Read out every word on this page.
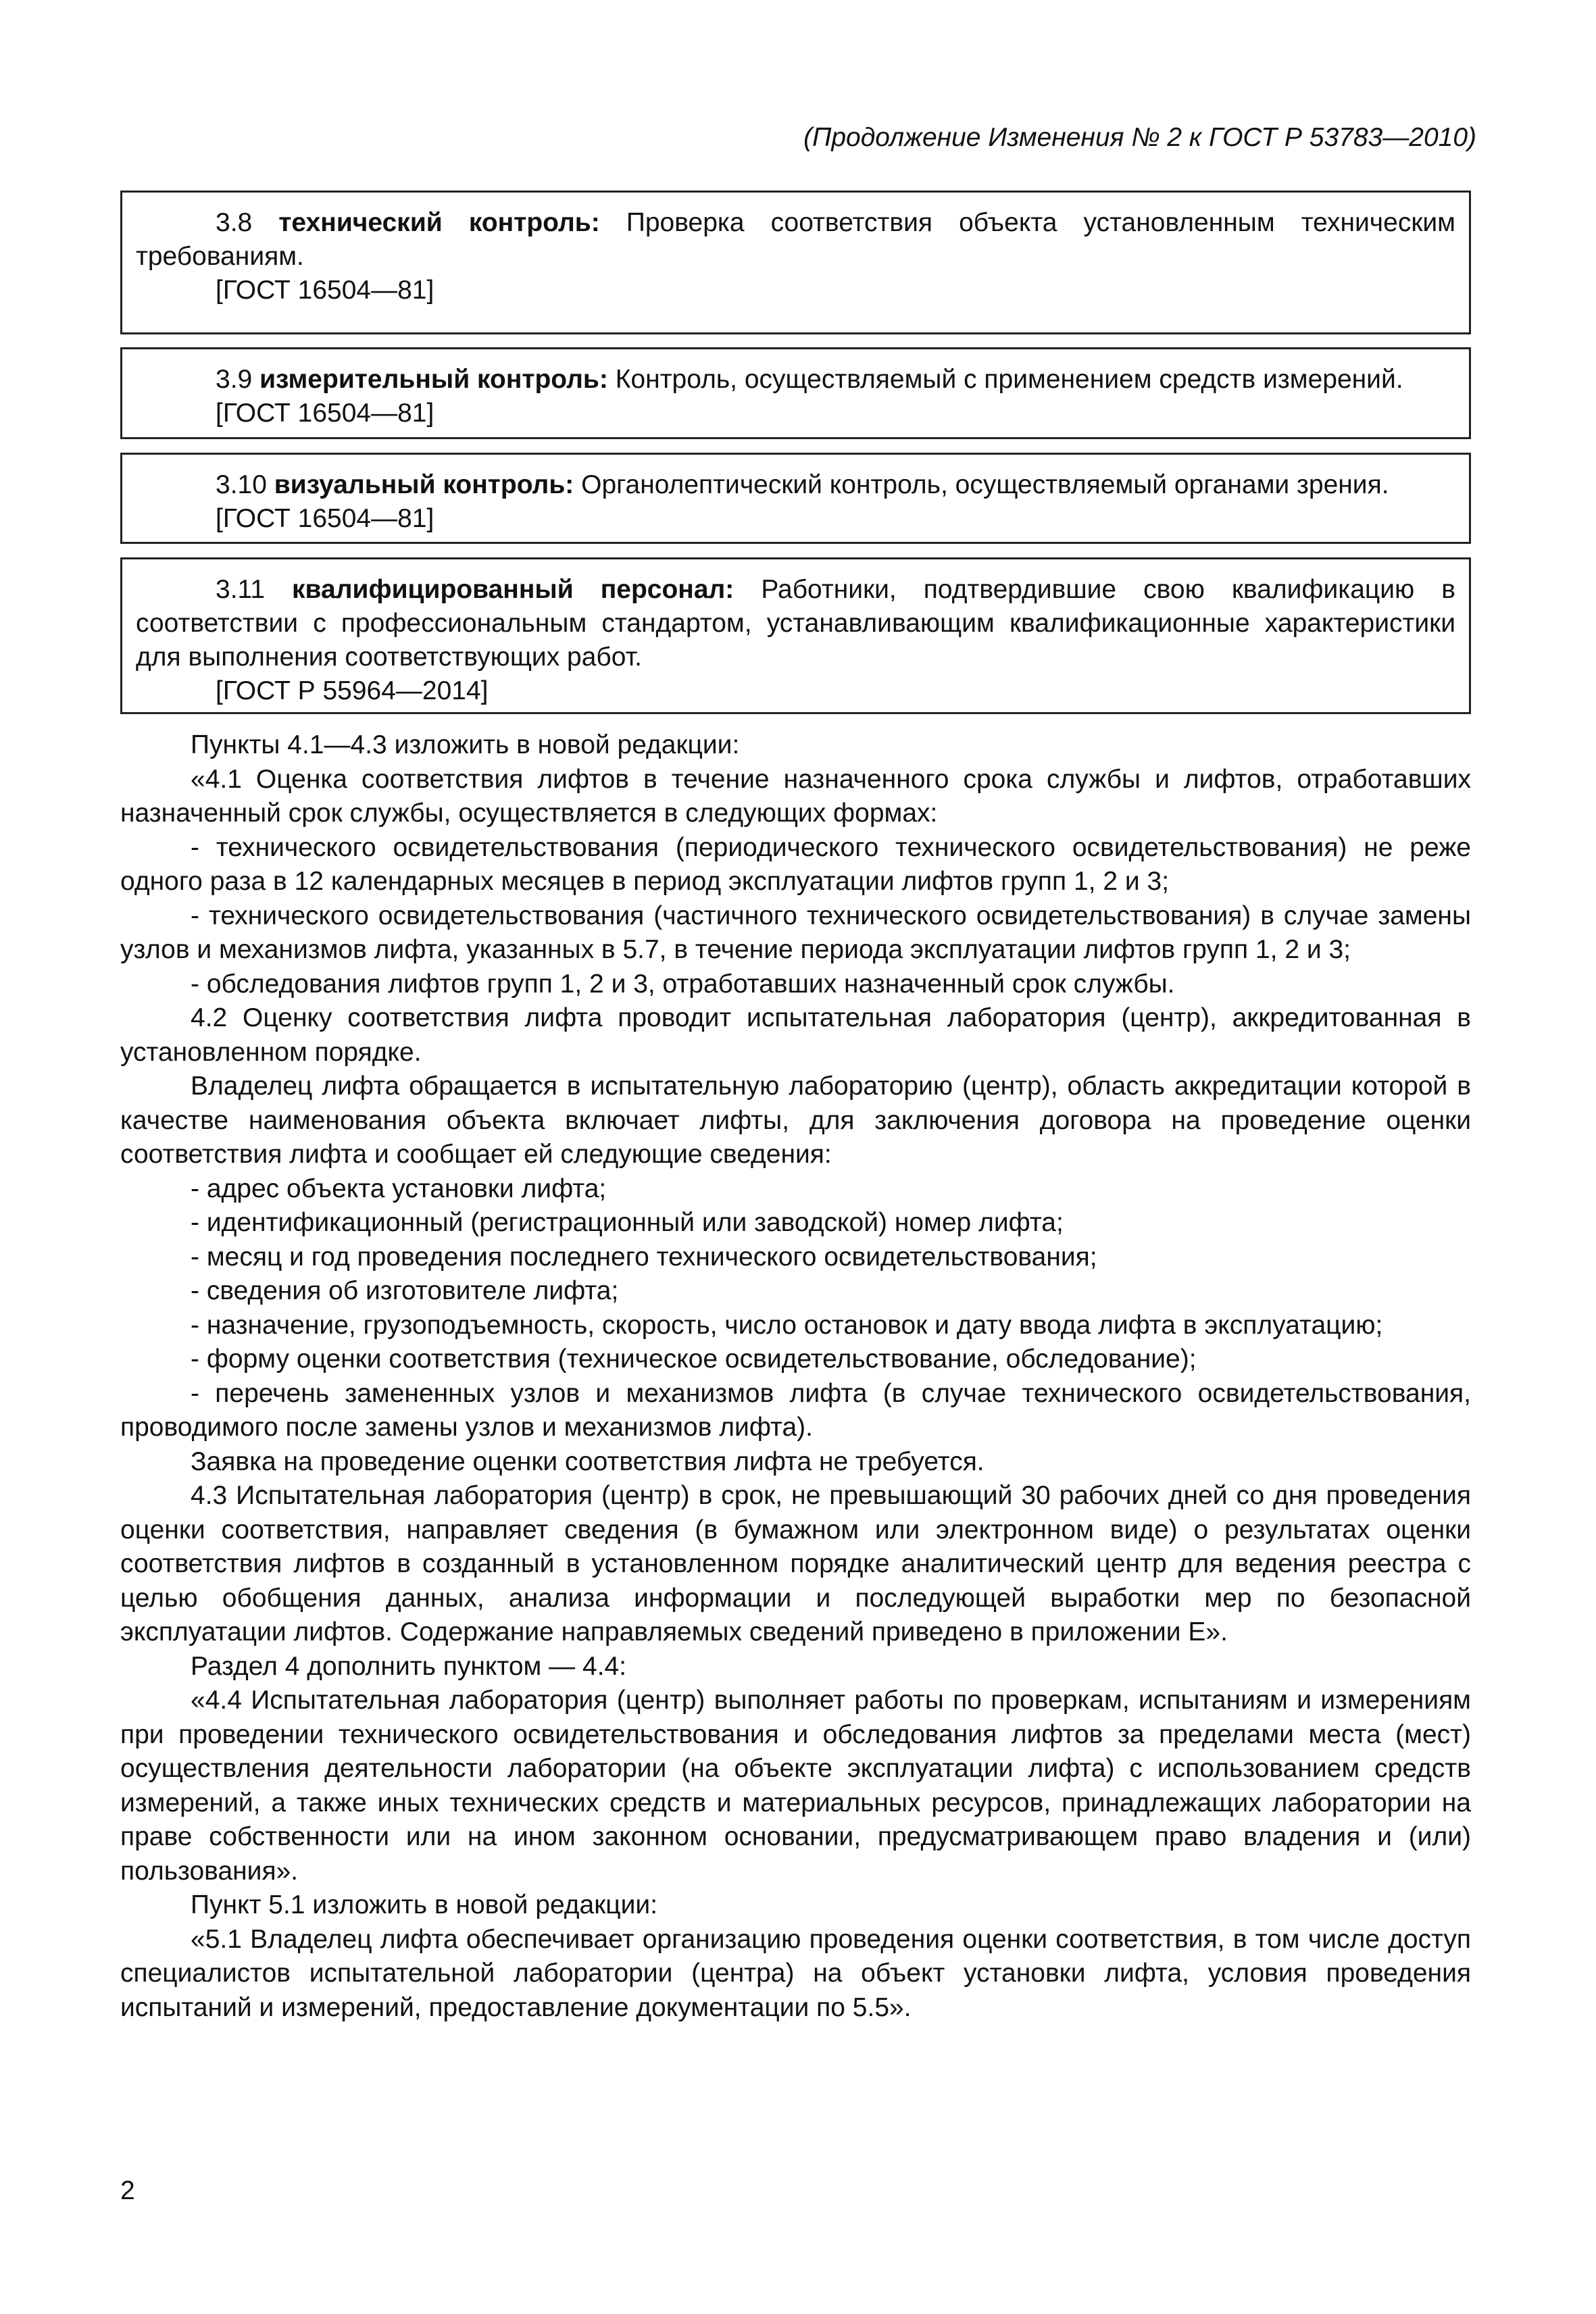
(Продолжение Изменения № 2 к ГОСТ Р 53783—2010)

3.8 технический контроль: Проверка соответствия объекта установленным техническим требованиям.

[ГОСТ 16504—81]

3.9 измерительный контроль: Контроль, осуществляемый с применением средств измерений.

[ГОСТ 16504—81]

3.10 визуальный контроль: Органолептический контроль, осуществляемый органами зрения.

[ГОСТ 16504—81]

3.11 квалифицированный персонал: Работники, подтвердившие свою квалификацию в соответствии с профессиональным стандартом, устанавливающим квалификационные характеристики для выполнения соответствующих работ.

[ГОСТ Р 55964—2014]

Пункты 4.1—4.3 изложить в новой редакции:

«4.1 Оценка соответствия лифтов в течение назначенного срока службы и лифтов, отработавших назначенный срок службы, осуществляется в следующих формах:

- технического освидетельствования (периодического технического освидетельствования) не реже одного раза в 12 календарных месяцев в период эксплуатации лифтов групп 1, 2 и 3;

- технического освидетельствования (частичного технического освидетельствования) в случае замены узлов и механизмов лифта, указанных в 5.7, в течение периода эксплуатации лифтов групп 1, 2 и 3;

- обследования лифтов групп 1, 2 и 3, отработавших назначенный срок службы.

4.2 Оценку соответствия лифта проводит испытательная лаборатория (центр), аккредитованная в установленном порядке.

Владелец лифта обращается в испытательную лабораторию (центр), область аккредитации которой в качестве наименования объекта включает лифты, для заключения договора на проведение оценки соответствия лифта и сообщает ей следующие сведения:

- адрес объекта установки лифта;

- идентификационный (регистрационный или заводской) номер лифта;

- месяц и год проведения последнего технического освидетельствования;

- сведения об изготовителе лифта;

- назначение, грузоподъемность, скорость, число остановок и дату ввода лифта в эксплуатацию;

- форму оценки соответствия (техническое освидетельствование, обследование);

- перечень замененных узлов и механизмов лифта (в случае технического освидетельствования, проводимого после замены узлов и механизмов лифта).

Заявка на проведение оценки соответствия лифта не требуется.

4.3 Испытательная лаборатория (центр) в срок, не превышающий 30 рабочих дней со дня проведения оценки соответствия, направляет сведения (в бумажном или электронном виде) о результатах оценки соответствия лифтов в созданный в установленном порядке аналитический центр для ведения реестра с целью обобщения данных, анализа информации и последующей выработки мер по безопасной эксплуатации лифтов. Содержание направляемых сведений приведено в приложении Е».

Раздел 4 дополнить пунктом — 4.4:

«4.4 Испытательная лаборатория (центр) выполняет работы по проверкам, испытаниям и измерениям при проведении технического освидетельствования и обследования лифтов за пределами места (мест) осуществления деятельности лаборатории (на объекте эксплуатации лифта) с использованием средств измерений, а также иных технических средств и материальных ресурсов, принадлежащих лаборатории на праве собственности или на ином законном основании, предусматривающем право владения и (или) пользования».

Пункт 5.1 изложить в новой редакции:

«5.1 Владелец лифта обеспечивает организацию проведения оценки соответствия, в том числе доступ специалистов испытательной лаборатории (центра) на объект установки лифта, условия проведения испытаний и измерений, предоставление документации по 5.5».

2
